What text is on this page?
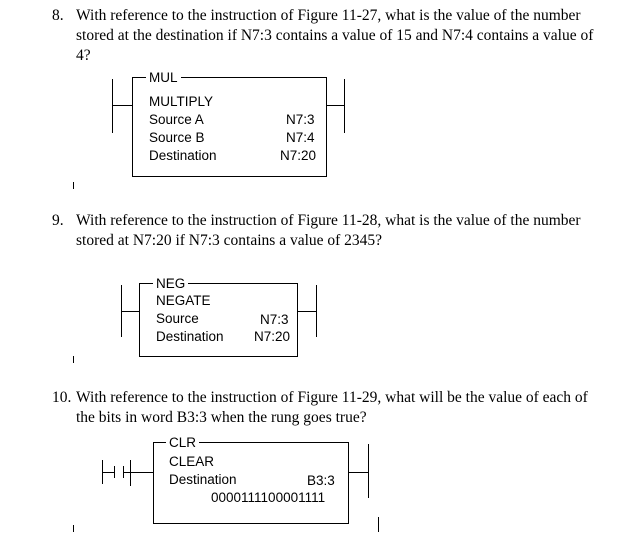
8. With reference to the instruction of Figure 11-27, what is the value of the number
stored at the destination if N7:3 contains a value of 15 and N7:4 contains a value of
4?
MUL
MULTIPLY
Source A	N7:3
Source B	N7:4
Destination	N7:20
9. With reference to the instruction of Figure 11-28, what is the value of the number
stored at N7:20 if N7:3 contains a value of 2345?
NEG
NEGATE
Source	N7:3
Destination N7:20
10. With reference to the instruction of Figure 11-29, what will be the value of each of
the bits in word B3:3 when the rung goes true?
CLR
CLEAR
Destination	B3:3
0000111100001111
